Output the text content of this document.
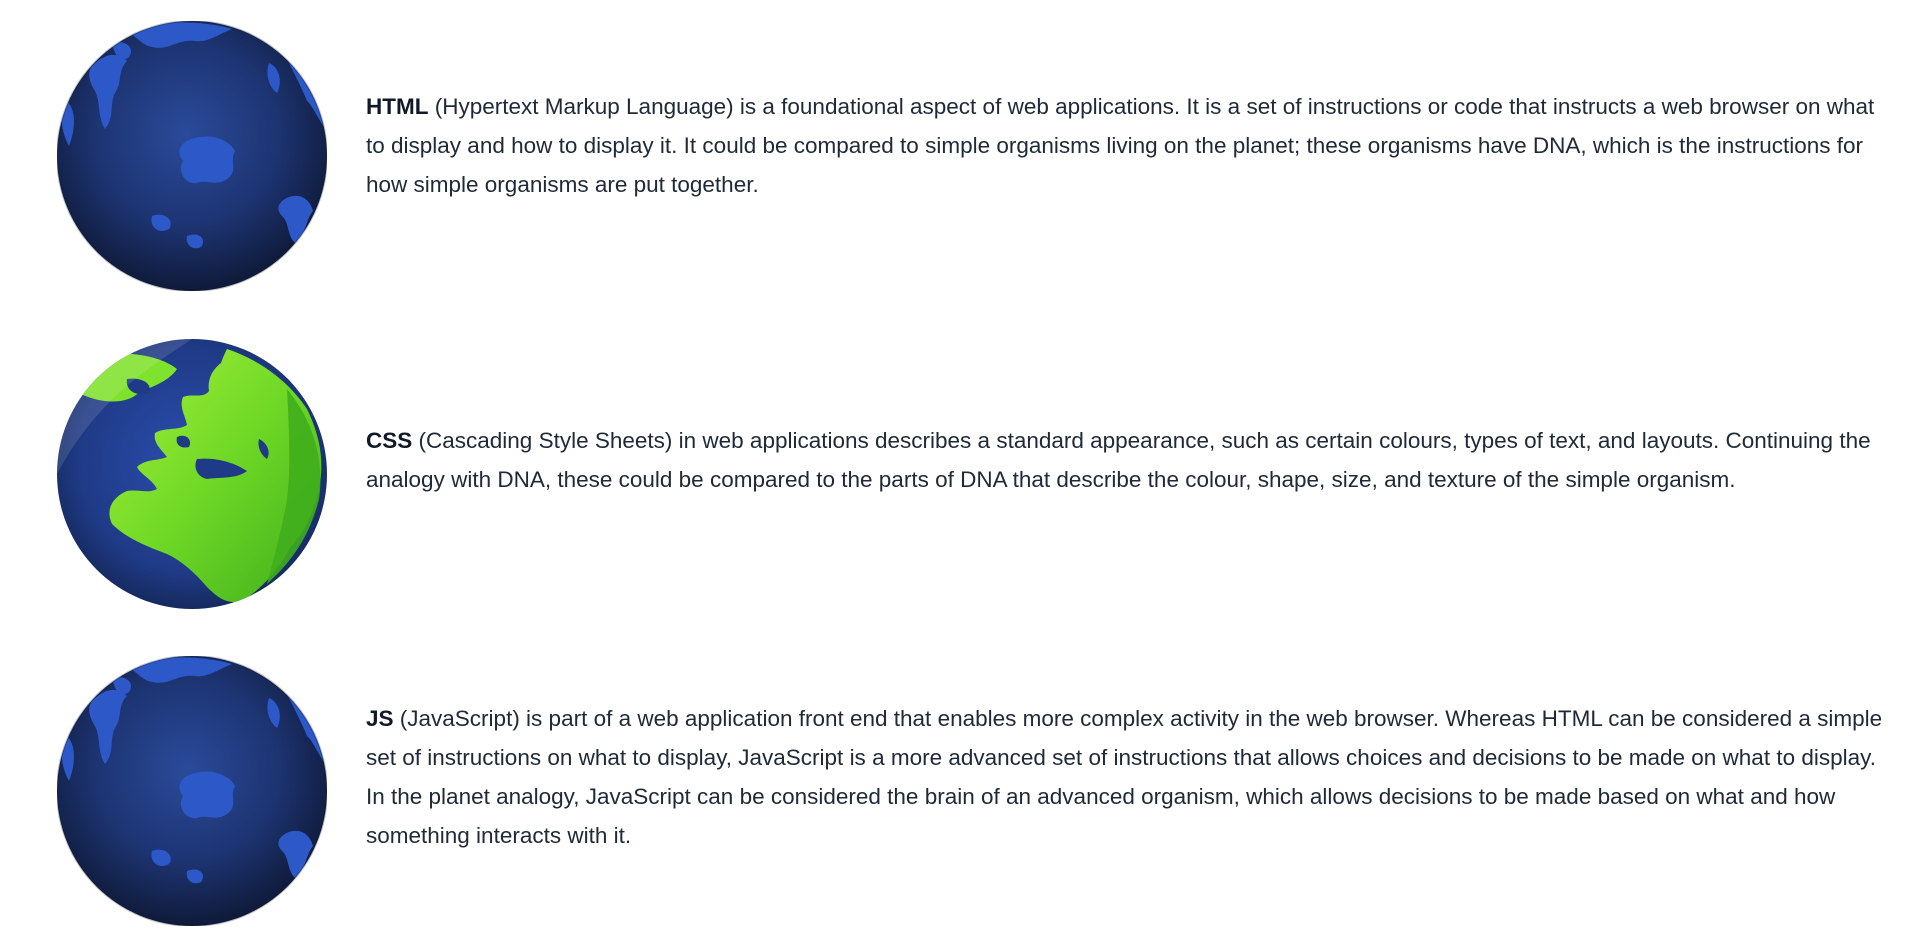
HTML (Hypertext Markup Language) is a foundational aspect of web applications. It is a set of instructions or code that instructs a web browser on what to display and how to display it. It could be compared to simple organisms living on the planet; these organisms have DNA, which is the instructions for how simple organisms are put together.

CSS (Cascading Style Sheets) in web applications describes a standard appearance, such as certain colours, types of text, and layouts. Continuing the analogy with DNA, these could be compared to the parts of DNA that describe the colour, shape, size, and texture of the simple organism.

JS (JavaScript) is part of a web application front end that enables more complex activity in the web browser. Whereas HTML can be considered a simple set of instructions on what to display, JavaScript is a more advanced set of instructions that allows choices and decisions to be made on what to display. In the planet analogy, JavaScript can be considered the brain of an advanced organism, which allows decisions to be made based on what and how something interacts with it.
